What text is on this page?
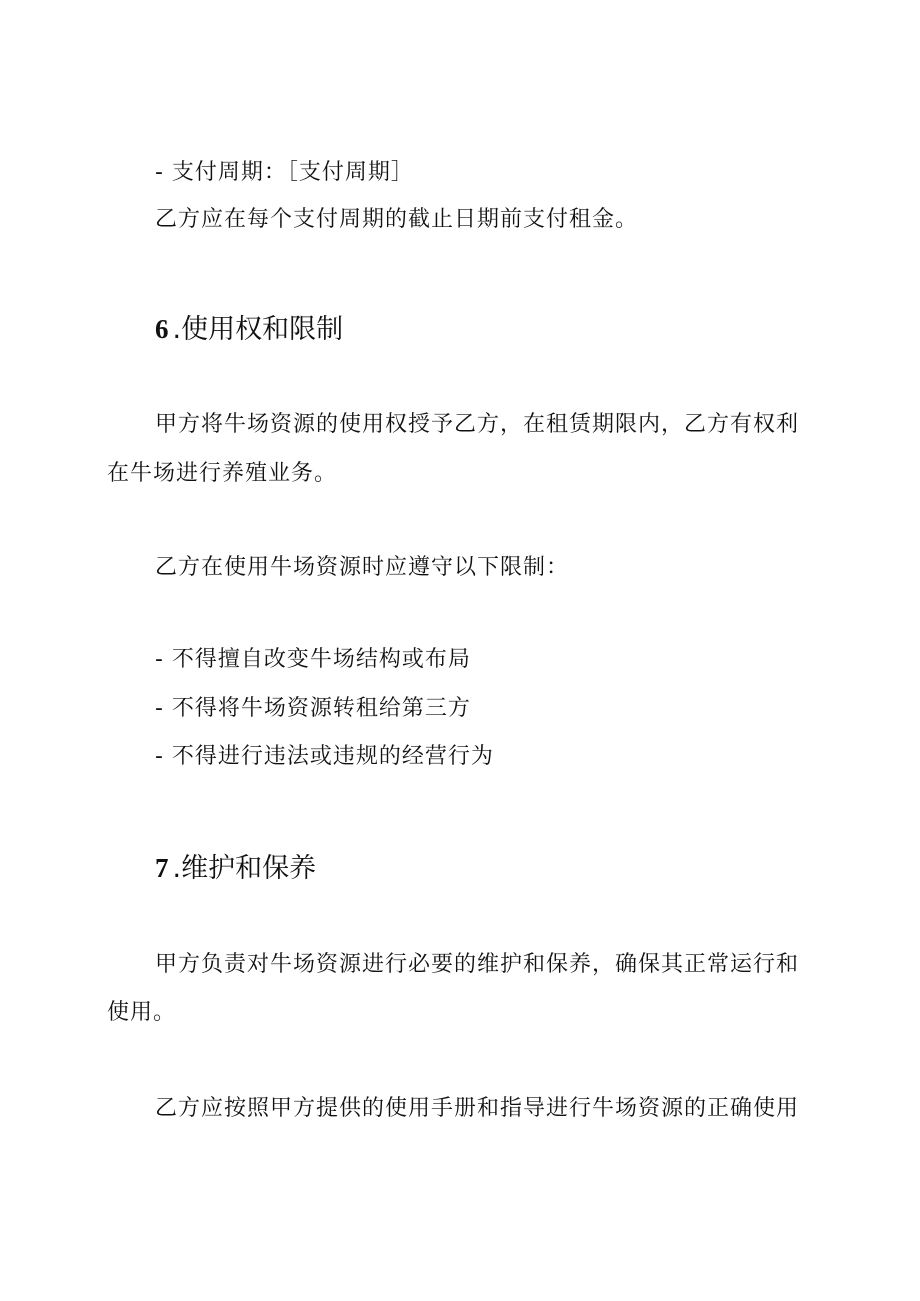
- 支付周期：［支付周期］
乙方应在每个支付周期的截止日期前支付租金。
6 .使用权和限制
甲方将牛场资源的使用权授予乙方，在租赁期限内，乙方有权利
在牛场进行养殖业务。
乙方在使用牛场资源时应遵守以下限制：
- 不得擅自改变牛场结构或布局
- 不得将牛场资源转租给第三方
- 不得进行违法或违规的经营行为
7 .维护和保养
甲方负责对牛场资源进行必要的维护和保养，确保其正常运行和
使用。
乙方应按照甲方提供的使用手册和指导进行牛场资源的正确使用
